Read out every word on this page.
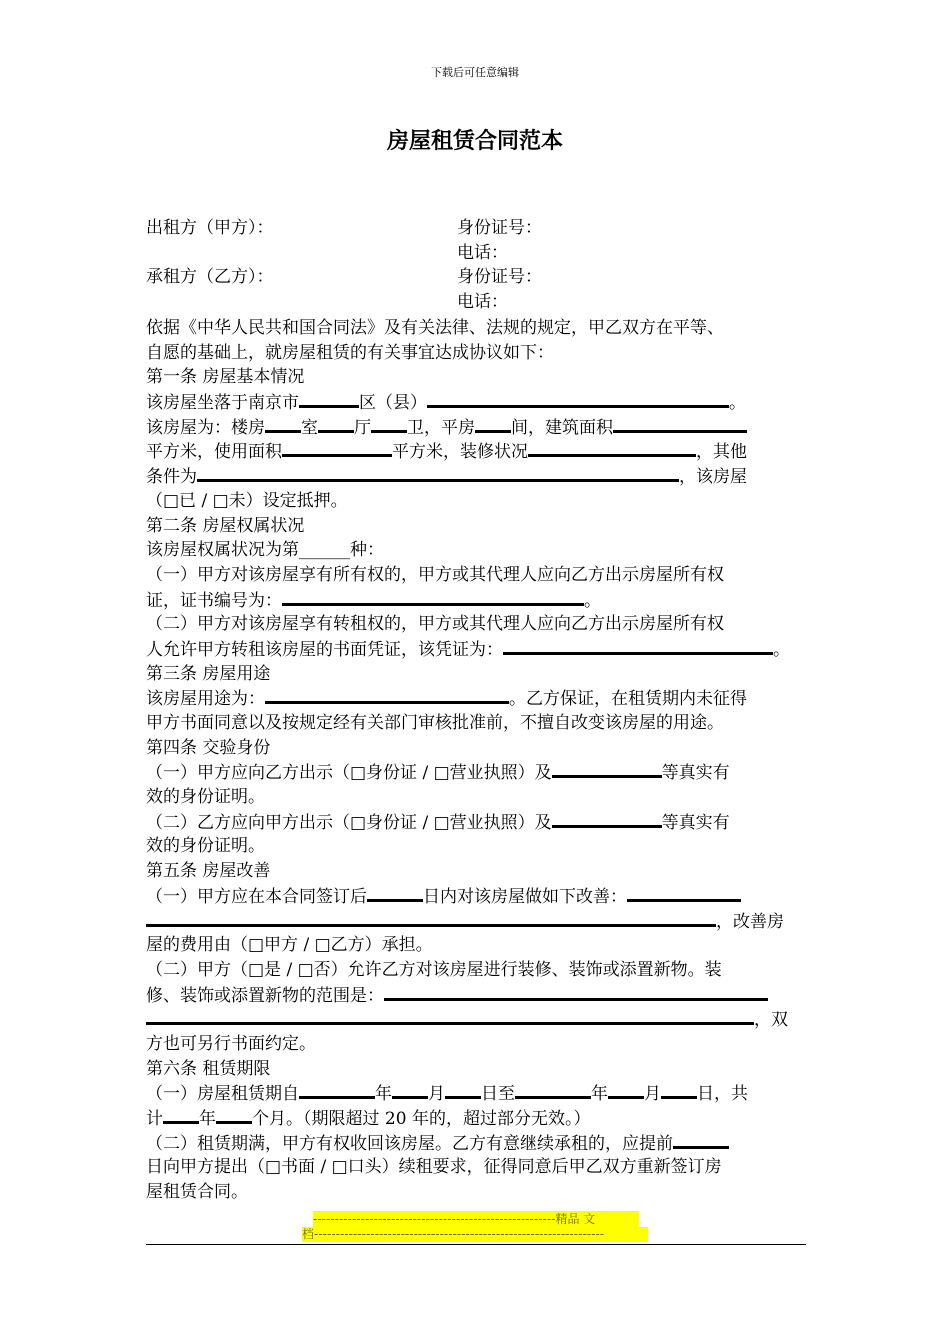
下载后可任意编辑
房屋租赁合同范本
出租方（甲方）：	身份证号：
电话：
承租方（乙方）：	身份证号：
电话：
依据《中华人民共和国合同法》及有关法律、法规的规定，甲乙双方在平等、
自愿的基础上，就房屋租赁的有关事宜达成协议如下：
第一条 房屋基本情况
该房屋坐落于南京市	区（县）	。
该房屋为：楼房 室 厅 卫，平房 间，建筑面积
平方米，使用面积	平方米，装修状况	，其他
条件为	，该房屋
（□已 / □未）设定抵押。
第二条 房屋权属状况
该房屋权属状况为第______种：
（一）甲方对该房屋享有所有权的，甲方或其代理人应向乙方出示房屋所有权
证，证书编号为：	。
（二）甲方对该房屋享有转租权的，甲方或其代理人应向乙方出示房屋所有权
人允许甲方转租该房屋的书面凭证，该凭证为：	。
第三条 房屋用途
该房屋用途为：	。乙方保证，在租赁期内未征得
甲方书面同意以及按规定经有关部门审核批准前，不擅自改变该房屋的用途。
第四条 交验身份
（一）甲方应向乙方出示（□身份证 / □营业执照）及	等真实有
效的身份证明。
（二）乙方应向甲方出示（□身份证 / □营业执照）及	等真实有
效的身份证明。
第五条 房屋改善
（一）甲方应在本合同签订后	日内对该房屋做如下改善：
，改善房
屋的费用由（□甲方 / □乙方）承担。
（二）甲方（□是 / □否）允许乙方对该房屋进行装修、装饰或添置新物。装
修、装饰或添置新物的范围是：
，双
方也可另行书面约定。
第六条 租赁期限
（一）房屋租赁期自	年 月 日至	年 月 日，共
计 年 个月。（期限超过 20 年的，超过部分无效。）
（二）租赁期满，甲方有权收回该房屋。乙方有意继续承租的，应提前
日向甲方提出（□书面 / □口头）续租要求，征得同意后甲乙双方重新签订房
屋租赁合同。
--------------------------------------------------------精品 文
档-------------------------------------------------------------------
